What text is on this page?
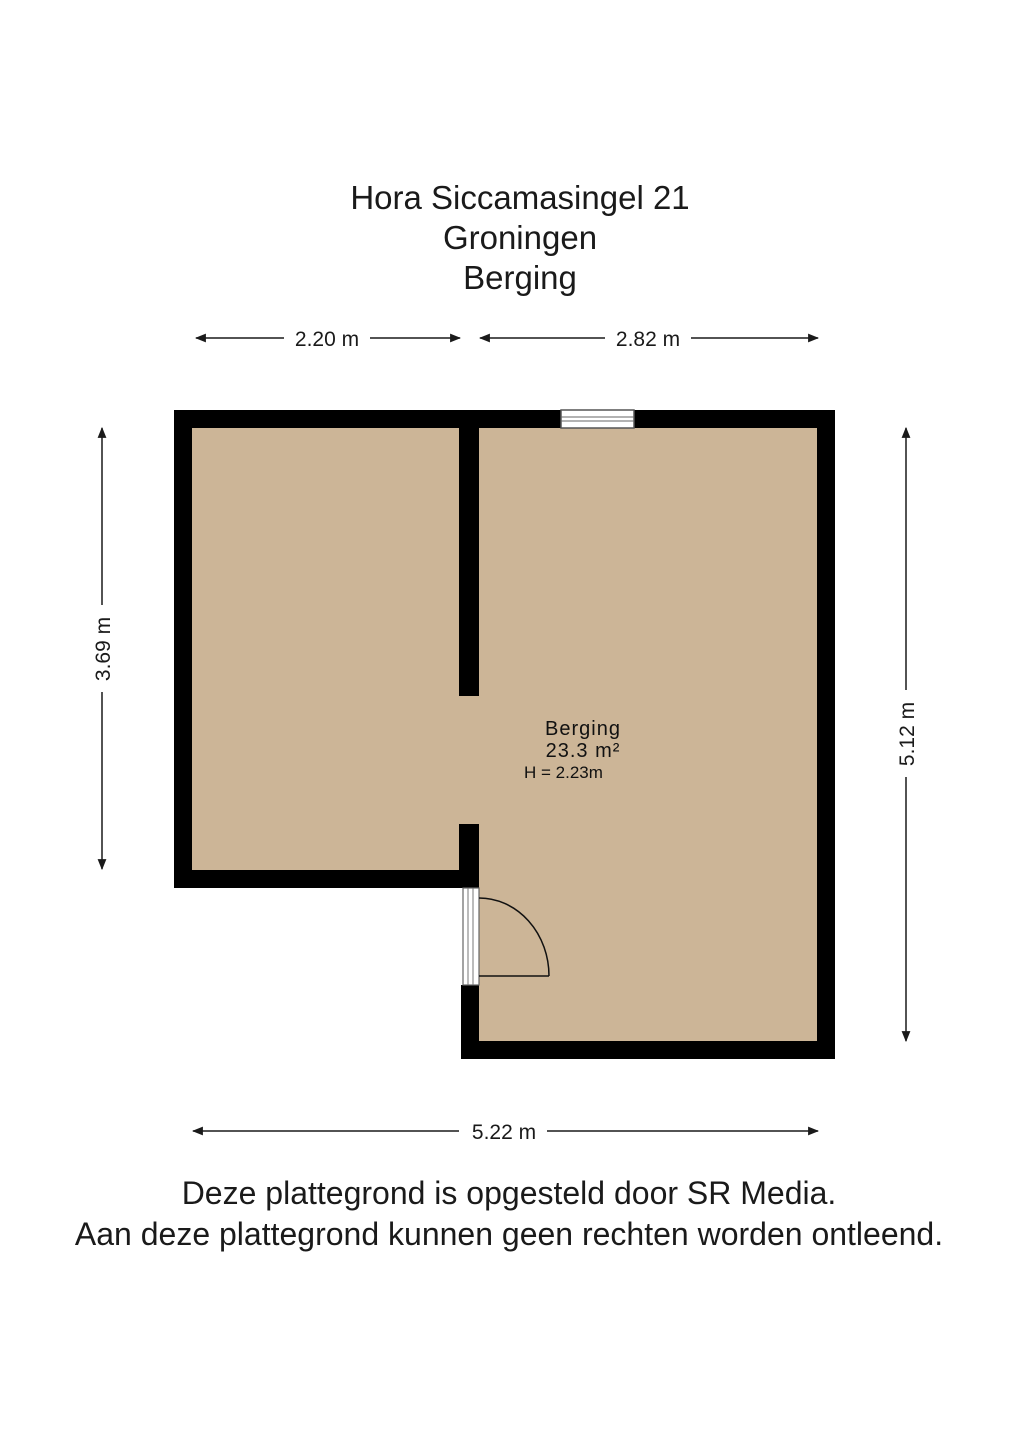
Hora Siccamasingel 21
Groningen
Berging
Berging
23.3 m²
H = 2.23m
2.20 m	2.82 m
3.69 m
5.12 m
5.22 m
Deze plattegrond is opgesteld door SR Media.
Aan deze plattegrond kunnen geen rechten worden ontleend.
